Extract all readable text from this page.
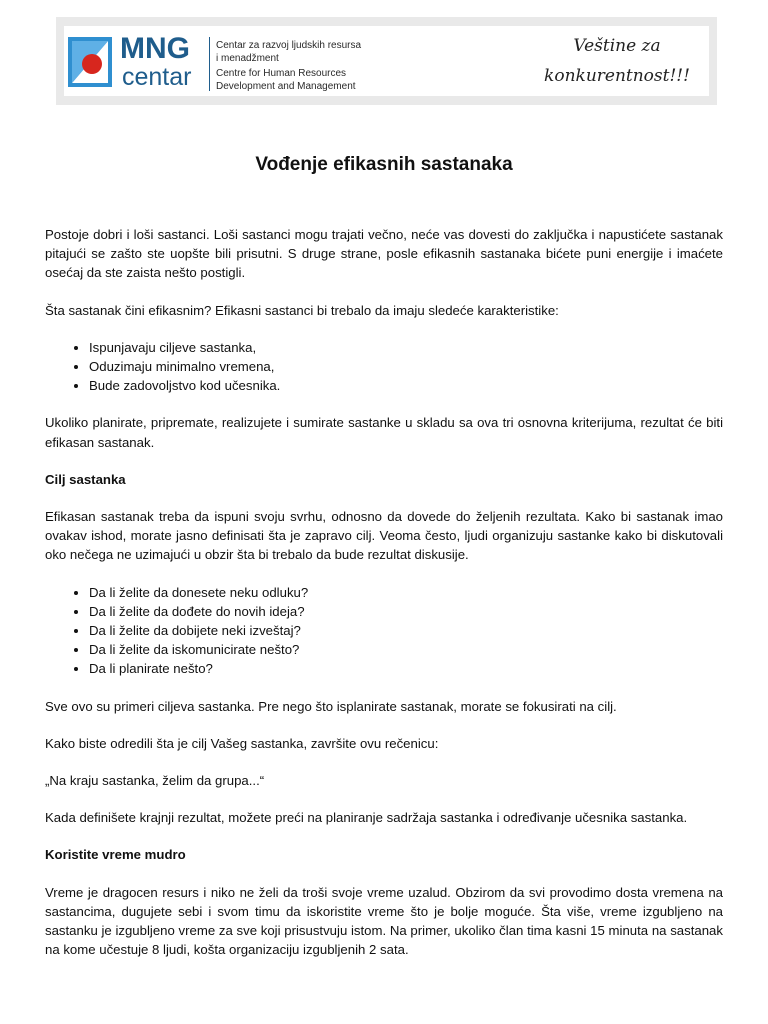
MNG
centar
Centar za razvoj ljudskih resursa
i menadžment
Centre for Human Resources
Development and Management
Veštine za
konkurentnost!!!
Vođenje efikasnih sastanaka

Postoje dobri i loši sastanci. Loši sastanci mogu trajati večno, neće vas dovesti do zaključka i napustićete sastanak pitajući se zašto ste uopšte bili prisutni. S druge strane, posle efikasnih sastanaka bićete puni energije i imaćete osećaj da ste zaista nešto postigli.

Šta sastanak čini efikasnim? Efikasni sastanci bi trebalo da imaju sledeće karakteristike:

• Ispunjavaju ciljeve sastanka,
• Oduzimaju minimalno vremena,
• Bude zadovoljstvo kod učesnika.

Ukoliko planirate, pripremate, realizujete i sumirate sastanke u skladu sa ova tri osnovna kriterijuma, rezultat će biti efikasan sastanak.

Cilj sastanka

Efikasan sastanak treba da ispuni svoju svrhu, odnosno da dovede do željenih rezultata. Kako bi sastanak imao ovakav ishod, morate jasno definisati šta je zapravo cilj. Veoma često, ljudi organizuju sastanke kako bi diskutovali oko nečega ne uzimajući u obzir šta bi trebalo da bude rezultat diskusije.

• Da li želite da donesete neku odluku?
• Da li želite da dođete do novih ideja?
• Da li želite da dobijete neki izveštaj?
• Da li želite da iskomunicirate nešto?
• Da li planirate nešto?

Sve ovo su primeri ciljeva sastanka. Pre nego što isplanirate sastanak, morate se fokusirati na cilj.

Kako biste odredili šta je cilj Vašeg sastanka, završite ovu rečenicu:

„Na kraju sastanka, želim da grupa...“

Kada definišete krajnji rezultat, možete preći na planiranje sadržaja sastanka i određivanje učesnika sastanka.

Koristite vreme mudro

Vreme je dragocen resurs i niko ne želi da troši svoje vreme uzalud. Obzirom da svi provodimo dosta vremena na sastancima, dugujete sebi i svom timu da iskoristite vreme što je bolje moguće. Šta više, vreme izgubljeno na sastanku je izgubljeno vreme za sve koji prisustvuju istom. Na primer, ukoliko član tima kasni 15 minuta na sastanak na kome učestuje 8 ljudi, košta organizaciju izgubljenih 2 sata.
